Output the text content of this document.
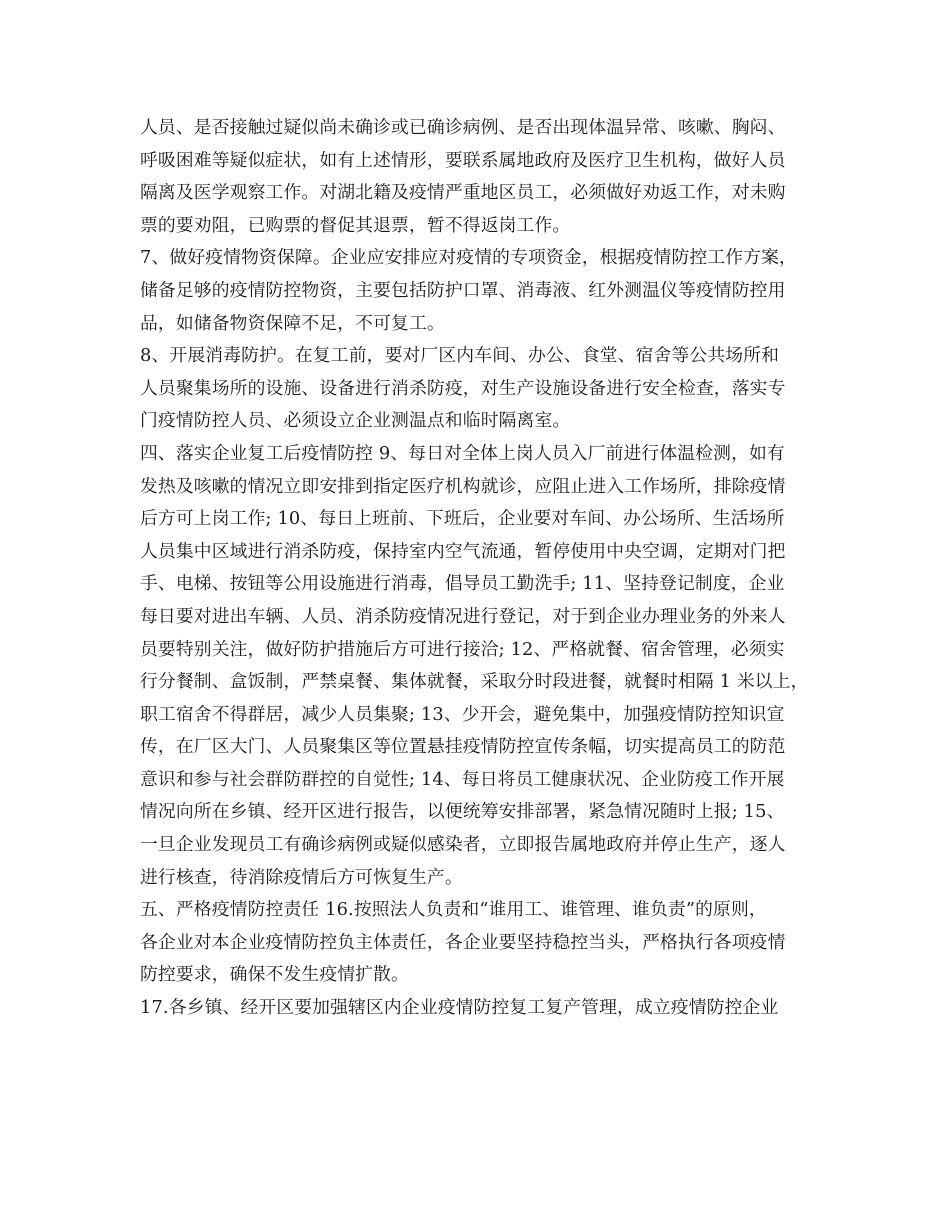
人员、是否接触过疑似尚未确诊或已确诊病例、是否出现体温异常、咳嗽、胸闷、
呼吸困难等疑似症状，如有上述情形，要联系属地政府及医疗卫生机构，做好人员
隔离及医学观察工作。对湖北籍及疫情严重地区员工，必须做好劝返工作，对未购
票的要劝阻，已购票的督促其退票，暂不得返岗工作。
7、做好疫情物资保障。企业应安排应对疫情的专项资金，根据疫情防控工作方案，
储备足够的疫情防控物资，主要包括防护口罩、消毒液、红外测温仪等疫情防控用
品，如储备物资保障不足，不可复工。
8、开展消毒防护。在复工前，要对厂区内车间、办公、食堂、宿舍等公共场所和
人员聚集场所的设施、设备进行消杀防疫，对生产设施设备进行安全检查，落实专
门疫情防控人员、必须设立企业测温点和临时隔离室。
四、落实企业复工后疫情防控 9、每日对全体上岗人员入厂前进行体温检测，如有
发热及咳嗽的情况立即安排到指定医疗机构就诊，应阻止进入工作场所，排除疫情
后方可上岗工作; 10、每日上班前、下班后，企业要对车间、办公场所、生活场所
人员集中区域进行消杀防疫，保持室内空气流通，暂停使用中央空调，定期对门把
手、电梯、按钮等公用设施进行消毒，倡导员工勤洗手; 11、坚持登记制度，企业
每日要对进出车辆、人员、消杀防疫情况进行登记，对于到企业办理业务的外来人
员要特别关注，做好防护措施后方可进行接洽; 12、严格就餐、宿舍管理，必须实
行分餐制、盒饭制，严禁桌餐、集体就餐，采取分时段进餐，就餐时相隔 1 米以上，
职工宿舍不得群居，减少人员集聚; 13、少开会，避免集中，加强疫情防控知识宣
传，在厂区大门、人员聚集区等位置悬挂疫情防控宣传条幅，切实提高员工的防范
意识和参与社会群防群控的自觉性; 14、每日将员工健康状况、企业防疫工作开展
情况向所在乡镇、经开区进行报告，以便统筹安排部署，紧急情况随时上报; 15、
一旦企业发现员工有确诊病例或疑似感染者，立即报告属地政府并停止生产，逐人
进行核查，待消除疫情后方可恢复生产。
五、严格疫情防控责任 16.按照法人负责和“谁用工、谁管理、谁负责”的原则，
各企业对本企业疫情防控负主体责任，各企业要坚持稳控当头，严格执行各项疫情
防控要求，确保不发生疫情扩散。
17.各乡镇、经开区要加强辖区内企业疫情防控复工复产管理，成立疫情防控企业
